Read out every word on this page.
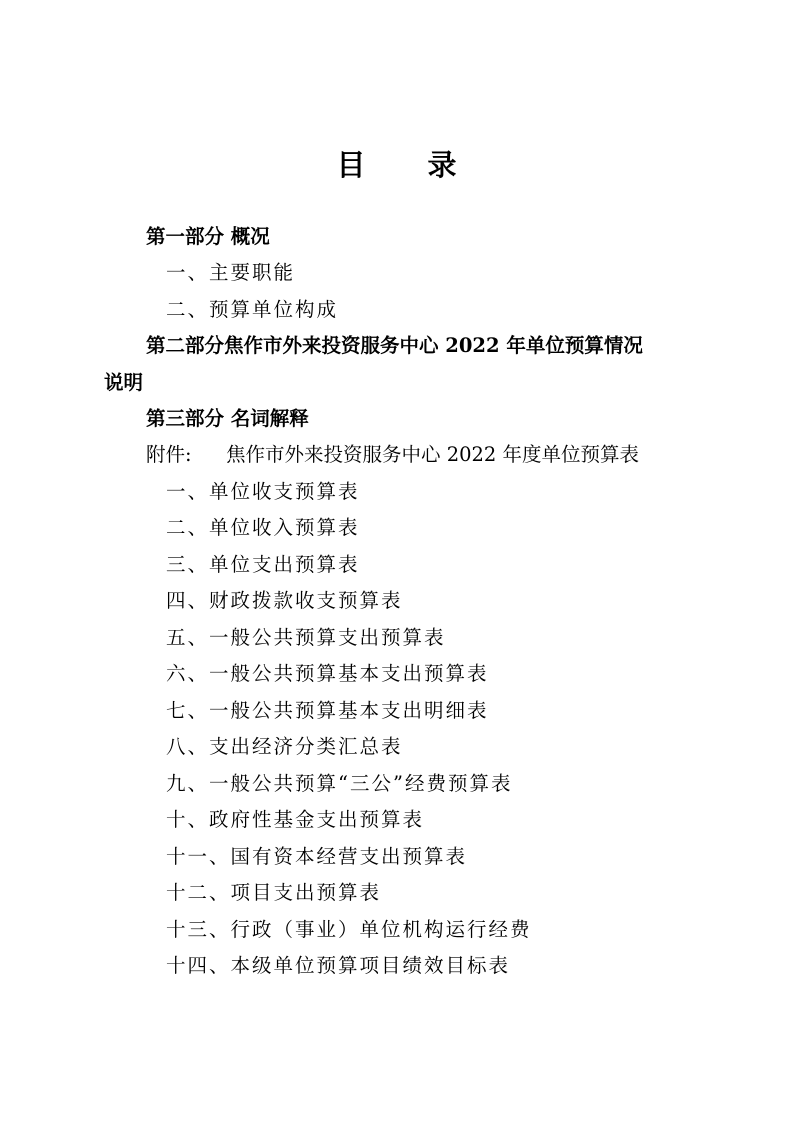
目 录
第一部分 概况
一、主要职能
二、预算单位构成
第二部分焦作市外来投资服务中心 2022 年单位预算情况
说明
第三部分 名词解释
附件: 焦作市外来投资服务中心 2022 年度单位预算表
一、单位收支预算表
二、单位收入预算表
三、单位支出预算表
四、财政拨款收支预算表
五、一般公共预算支出预算表
六、一般公共预算基本支出预算表
七、一般公共预算基本支出明细表
八、支出经济分类汇总表
九、一般公共预算“三公”经费预算表
十、政府性基金支出预算表
十一、国有资本经营支出预算表
十二、项目支出预算表
十三、行政（事业）单位机构运行经费
十四、本级单位预算项目绩效目标表
